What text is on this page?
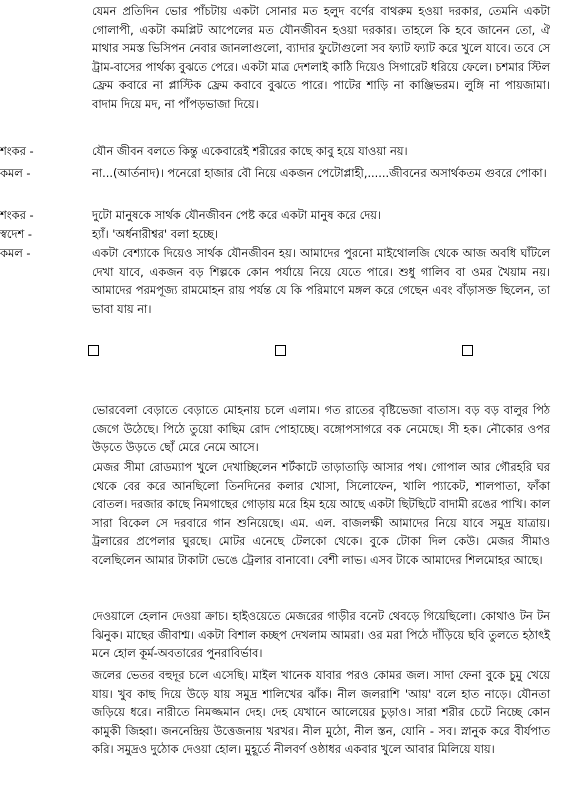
যেমন প্রতিদিন ভোর পাঁচটায় একটা সোনার মত হলুদ বর্ণের বাথরুম হওয়া দরকার, তেমনি একটা গোলাপী, একটা কমপ্লিট আপেলের মত যৌনজীবন হওয়া দরকার। তাহলে কি হবে জানেন তো, ঐ মাথার সমস্ত ভিসিপন নেবার জানলাগুলো, ব্যাদার ফুটোগুলো সব ফ্যাট ফ্যাট করে খুলে যাবে। তবে সে ট্রাম-বাসের পার্থক্য বুঝতে পেরে। একটা মাত্র দেশলাই কাঠি দিয়েও সিগারেট ধরিয়ে ফেলে। চশমার স্টিল ফ্রেম কবারে না প্লাস্টিক ফ্রেম কবাবে বুঝতে পারে। পাটের শাড়ি না কাঞ্জিভরম। লুঙ্গি না পায়জামা। বাদাম দিয়ে মদ, না পাঁপড়ভাজা দিয়ে।

শংকর -	যৌন জীবন বলতে কিন্তু একেবারেই শরীরের কাছে কাবু হয়ে যাওয়া নয়।

কমল -	না...(আর্তনাদ)। পনেরো হাজার বৌ নিয়ে একজন পেটোপ্লাহী,......জীবনের অসার্থকতম গুবরে পোকা।

শংকর -	দুটো মানুষকে সার্থক যৌনজীবন পেষ্ট করে একটা মানুষ করে দেয়।

স্বদেশ -	হ্যাঁ। 'অর্ধনারীশ্বর' বলা হচ্ছে।

কমল -	একটা বেশ্যাকে দিয়েও সার্থক যৌনজীবন হয়। আমাদের পুরনো মাইথোলজি থেকে আজ অবধি ঘাঁটলে দেখা যাবে, একজন বড় শিল্পকে কোন পর্যায়ে নিয়ে যেতে পারে। শুধু গালিব বা ওমর খৈয়াম নয়। আমাদের পরমপূজ্য রামমোহন রায় পর্যন্ত যে কি পরিমাণে মঙ্গল করে গেছেন এবং বাঁড়াসক্ত ছিলেন, তা ভাবা যায় না।

ভোরবেলা বেড়াতে বেড়াতে মোহনায় চলে এলাম। গত রাতের বৃষ্টিভেজা বাতাস। বড় বড় বালুর পিঠ জেগে উঠেছে। পিঠে তুয়ো কাছিম রোদ পোহাচ্ছে। বঙ্গোপসাগরে বক নেমেছে। সী হক। নৌকোর ওপর উড়তে উড়তে ছোঁ মেরে নেমে আসে।

মেজর সীমা রোডম্যাপ খুলে দেখাচ্ছিলেন শর্টকাটে তাড়াতাড়ি আসার পথ। গোপাল আর গৌরহরি ঘর থেকে বের করে আনছিলো তিনদিনের কলার খোসা, সিলোফেন, খালি প্যাকেট, শালপাতা, ফাঁকা বোতল। দরজার কাছে নিমগাছের গোড়ায় মরে হিম হয়ে আছে একটা ছিটছিটে বাদামী রঙের পাখি। কাল সারা বিকেল সে দরবারে গান শুনিয়েছে। এম. এল. বাজলক্ষী আমাদের নিয়ে যাবে সমুদ্র যাত্রায়। ট্রলারের প্রপেলার ঘুরছে। মোটর এনেছে টেলকো থেকে। বুকে টোকা দিল কেউ। মেজর সীমাও বলেছিলেন আমার টাকাটা ভেঙে ট্রেলার বানাবো। বেশী লাভ। এসব টাকে আমাদের শিলমোহর আছে।

দেওয়ালে হেলান দেওয়া ক্রাচ। হাইওয়েতে মেজরের গাড়ীর বনেট থেবড়ে গিয়েছিলো। কোথাও টন টন ঝিনুক। মাছের জীবাশ্ম। একটা বিশাল কচ্ছপ দেখলাম আমরা। ওর মরা পিঠে দাঁড়িয়ে ছবি তুলতে হঠাৎই মনে হোল কূর্ম-অবতারের পুনরাবির্ভাব।

জলের ভেতর বহুদূর চলে এসেছি। মাইল খানেক যাবার পরও কোমর জল। সাদা ফেনা বুকে চুমু খেয়ে যায়। খুব কাছ দিয়ে উড়ে যায় সমুদ্র শালিখের ঝাঁক। নীল জলরাশি 'আয়' বলে হাত নাড়ে। যৌনতা জড়িয়ে ধরে। নারীতে নিমজ্জমান দেহ। দেহ যেখানে আলেয়ের চুড়াও। সারা শরীর চেটে নিচ্ছে কোন কামুকী জিহ্বা। জননেন্দ্রিয় উত্তেজনায় খরখর। নীল মুঠো, নীল স্তন, যোনি - সব। স্নানুক করে বীর্যপাত করি। সমুদ্রও দুঠোক দেওয়া হোল। মুহূর্তে নীলবর্ণ ওষ্ঠাধর একবার খুলে আবার মিলিয়ে যায়।
